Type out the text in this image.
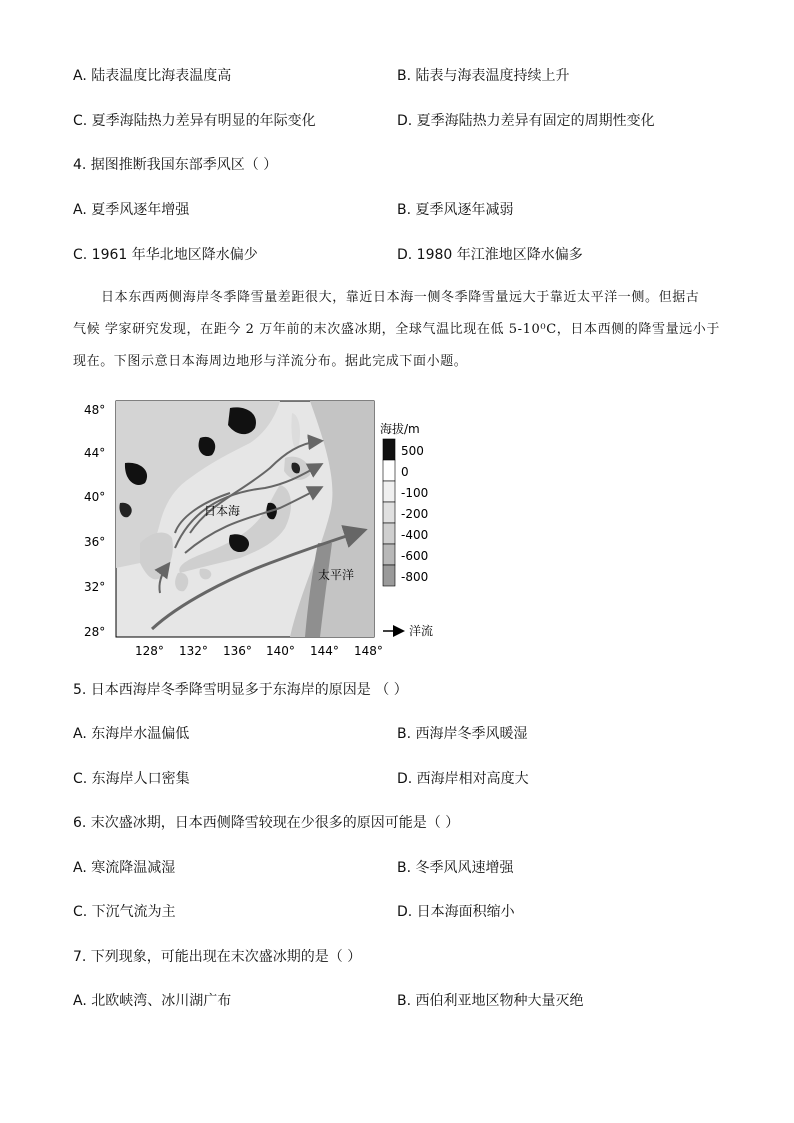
A. 陆表温度比海表温度高	B. 陆表与海表温度持续上升
C. 夏季海陆热力差异有明显的年际变化	D. 夏季海陆热力差异有固定的周期性变化
4. 据图推断我国东部季风区（ ）
A. 夏季风逐年增强	B. 夏季风逐年减弱
C. 1961 年华北地区降水偏少	D. 1980 年江淮地区降水偏多
日本东西两侧海岸冬季降雪量差距很大，靠近日本海一侧冬季降雪量远大于靠近太平洋一侧。但据古
气候 学家研究发现，在距今 2 万年前的末次盛冰期，全球气温比现在低 5-10⁰C，日本西侧的降雪量远小于
现在。下图示意日本海周边地形与洋流分布。据此完成下面小题。
日本海
太平洋
48°
44°
40°
36°
32°
28°
128° 132° 136° 140° 144° 148°
海拔/m
500
0
-100
-200
-400
-600
-800
洋流
5. 日本西海岸冬季降雪明显多于东海岸的原因是 （ ）
A. 东海岸水温偏低	B. 西海岸冬季风暖湿
C. 东海岸人口密集	D. 西海岸相对高度大
6. 末次盛冰期，日本西侧降雪较现在少很多的原因可能是（ ）
A. 寒流降温减湿	B. 冬季风风速增强
C. 下沉气流为主	D. 日本海面积缩小
7. 下列现象，可能出现在末次盛冰期的是（ ）
A. 北欧峡湾、冰川湖广布	B. 西伯利亚地区物种大量灭绝
